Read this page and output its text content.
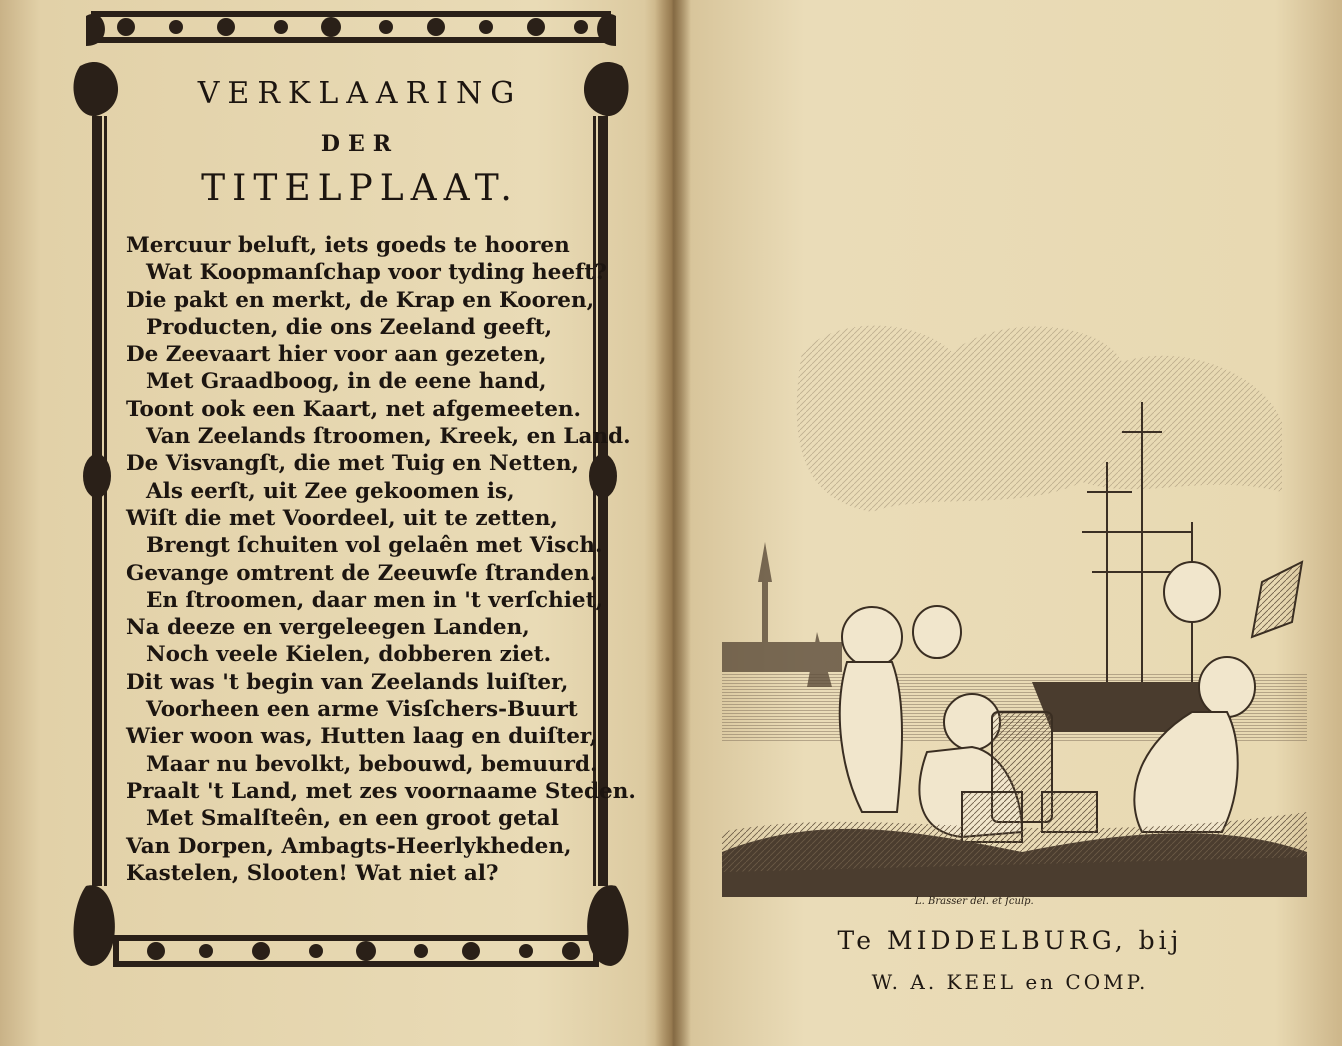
VERKLAARING
DER
TITELPLAAT.
Mercuur beluft, iets goeds te hooren
Wat Koopmanſchap voor tyding heeft?
Die pakt en merkt, de Krap en Kooren,
Producten, die ons Zeeland geeft,
De Zeevaart hier voor aan gezeten,
Met Graadboog, in de eene hand,
Toont ook een Kaart, net afgemeeten.
Van Zeelands ſtroomen, Kreek, en Land.
De Visvangſt, die met Tuig en Netten,
Als eerſt, uit Zee gekoomen is,
Wiſt die met Voordeel, uit te zetten,
Brengt ſchuiten vol gelaên met Visch.
Gevange omtrent de Zeeuwſe ſtranden.
En ſtroomen, daar men in 't verſchiet,
Na deeze en vergeleegen Landen,
Noch veele Kielen, dobberen ziet.
Dit was 't begin van Zeelands luiſter,
Voorheen een arme Visſchers-Buurt
Wier woon was, Hutten laag en duiſter,
Maar nu bevolkt, bebouwd, bemuurd.
Praalt 't Land, met zes voornaame Steden.
Met Smalſteên, en een groot getal
Van Dorpen, Ambagts-Heerlykheden,
Kastelen, Slooten! Wat niet al?
L. Brasser del. et ſculp.
Te MIDDELBURG, bij
W. A. KEEL en COMP.
